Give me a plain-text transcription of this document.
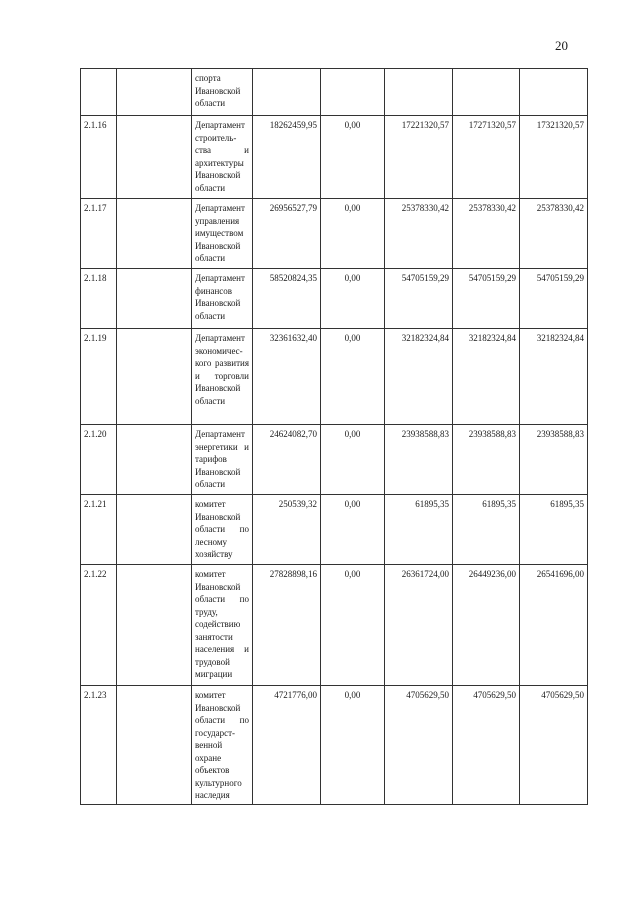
20
		спорта Ивановской области					
2.1.16		Департамент строитель-ства и архитектуры Ивановской области	18262459,95	0,00	17221320,57	17271320,57	17321320,57
2.1.17		Департамент управления имуществом Ивановской области	26956527,79	0,00	25378330,42	25378330,42	25378330,42
2.1.18		Департамент финансов Ивановской области	58520824,35	0,00	54705159,29	54705159,29	54705159,29
2.1.19		Департамент экономичес-кого развития и торговли Ивановской области	32361632,40	0,00	32182324,84	32182324,84	32182324,84
2.1.20		Департамент энергетики и тарифов Ивановской области	24624082,70	0,00	23938588,83	23938588,83	23938588,83
2.1.21		комитет Ивановской области по лесному хозяйству	250539,32	0,00	61895,35	61895,35	61895,35
2.1.22		комитет Ивановской области по труду, содействию занятости населения и трудовой миграции	27828898,16	0,00	26361724,00	26449236,00	26541696,00
2.1.23		комитет Ивановской области по государст-венной охране объектов культурного наследия	4721776,00	0,00	4705629,50	4705629,50	4705629,50
